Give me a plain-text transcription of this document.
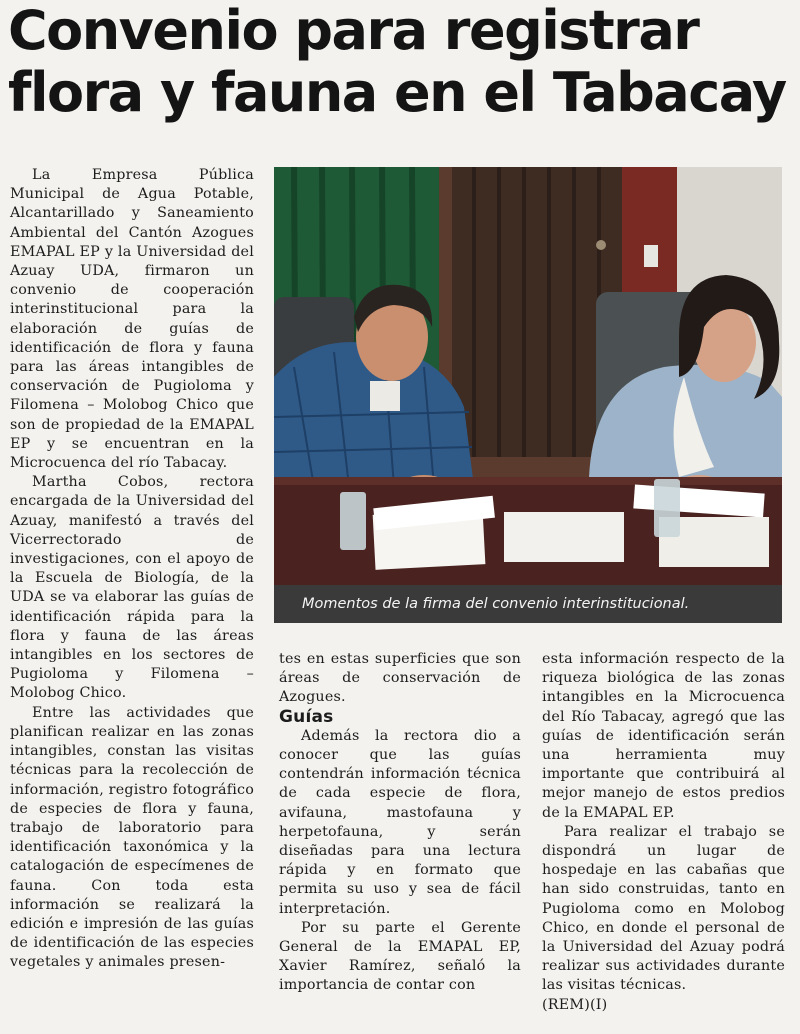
Convenio para registrar flora y fauna en el Tabacay

La Empresa Pública Municipal de Agua Potable, Alcantarillado y Saneamiento Ambiental del Cantón Azogues EMAPAL EP y la Universidad del Azuay UDA, firmaron un convenio de cooperación interinstitucional para la elaboración de guías de identificación de flora y fauna para las áreas intangibles de conservación de Pugioloma y Filomena – Molobog Chico que son de propiedad de la EMAPAL EP y se encuentran en la Microcuenca del río Tabacay.

Martha Cobos, rectora encargada de la Universidad del Azuay, manifestó a través del Vicerrectorado de investigaciones, con el apoyo de la Escuela de Biología, de la UDA se va elaborar las guías de identificación rápida para la flora y fauna de las áreas intangibles en los sectores de Pugioloma y Filomena – Molobog Chico.

Entre las actividades que planifican realizar en las zonas intangibles, constan las visitas técnicas para la recolección de información, registro fotográfico de especies de flora y fauna, trabajo de laboratorio para identificación taxonómica y la catalogación de especímenes de fauna. Con toda esta información se realizará la edición e impresión de las guías de identificación de las especies vegetales y animales presen-

Momentos de la firma del convenio interinstitucional.

tes en estas superficies que son áreas de conservación de Azogues.

Guías

Además la rectora dio a conocer que las guías contendrán información técnica de cada especie de flora, avifauna, mastofauna y herpetofauna, y serán diseñadas para una lectura rápida y en formato que permita su uso y sea de fácil interpretación.

Por su parte el Gerente General de la EMAPAL EP, Xavier Ramírez, señaló la importancia de contar con

esta información respecto de la riqueza biológica de las zonas intangibles en la Microcuenca del Río Tabacay, agregó que las guías de identificación serán una herramienta muy importante que contribuirá al mejor manejo de estos predios de la EMAPAL EP.

Para realizar el trabajo se dispondrá un lugar de hospedaje en las cabañas que han sido construidas, tanto en Pugioloma como en Molobog Chico, en donde el personal de la Universidad del Azuay podrá realizar sus actividades durante las visitas técnicas.

(REM)(I)
